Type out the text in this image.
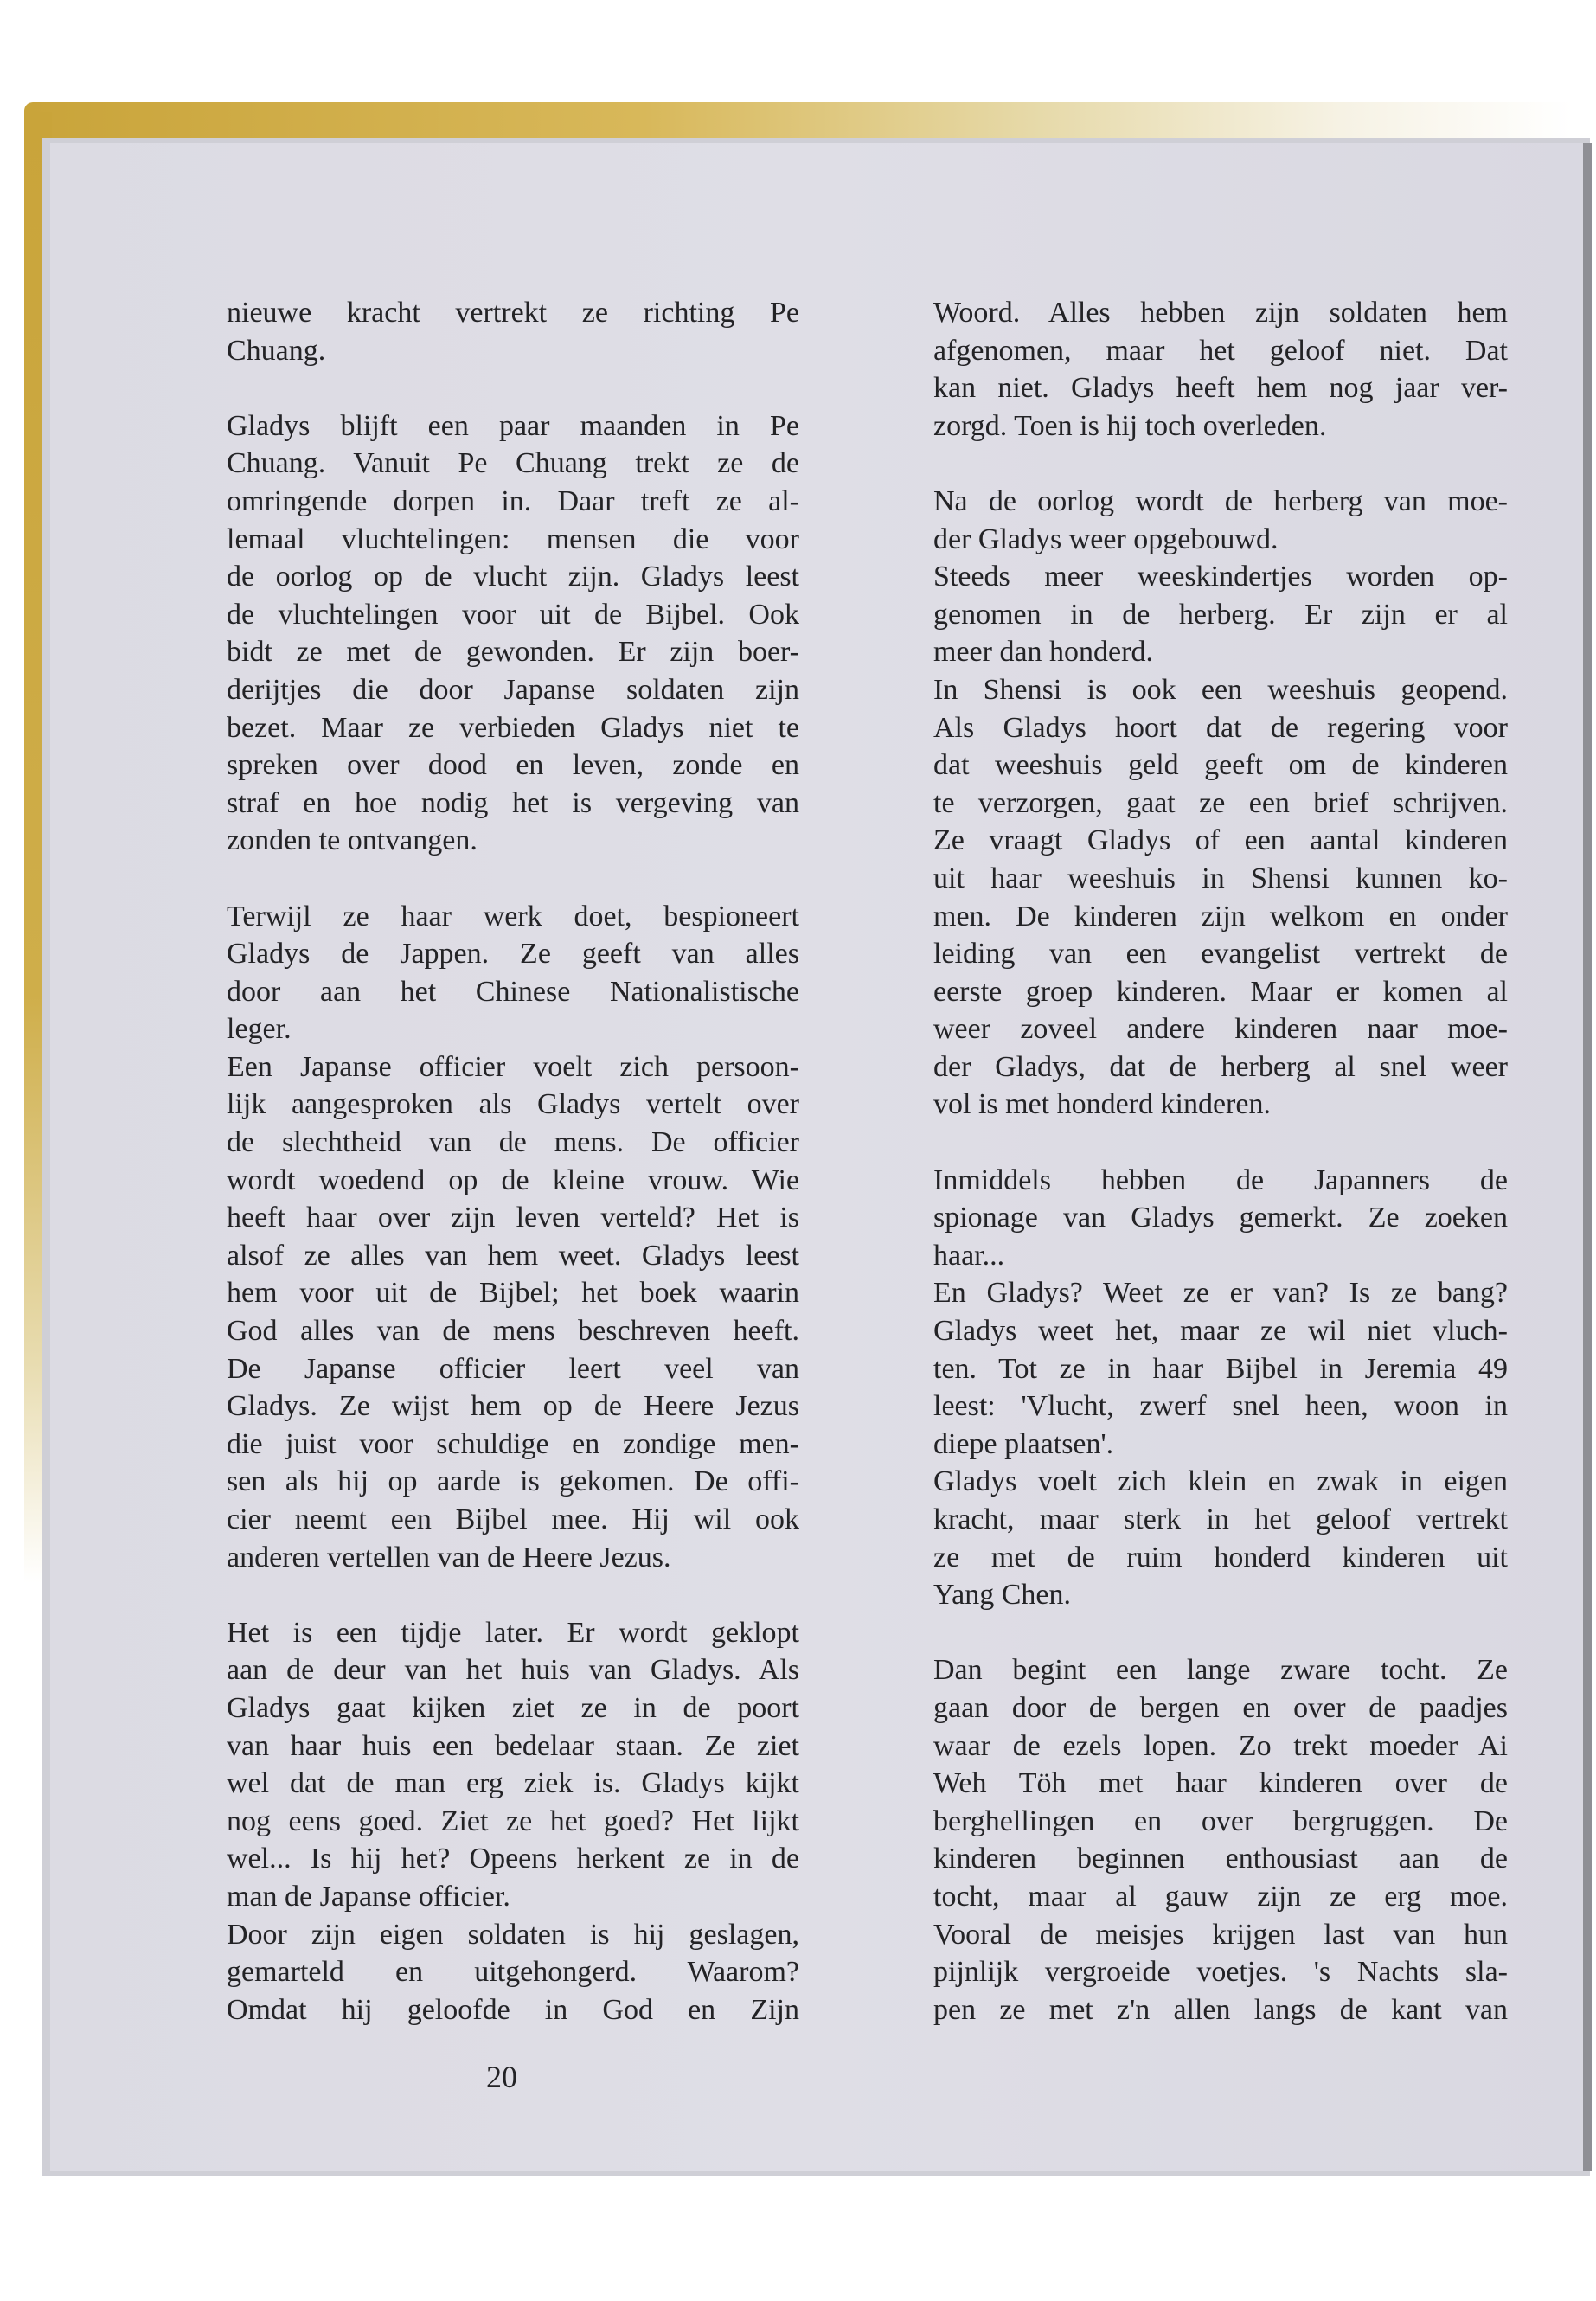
nieuwe kracht vertrekt ze richting Pe
Chuang.
Gladys blijft een paar maanden in Pe
Chuang. Vanuit Pe Chuang trekt ze de
omringende dorpen in. Daar treft ze al-
lemaal vluchtelingen: mensen die voor
de oorlog op de vlucht zijn. Gladys leest
de vluchtelingen voor uit de Bijbel. Ook
bidt ze met de gewonden. Er zijn boer-
derijtjes die door Japanse soldaten zijn
bezet. Maar ze verbieden Gladys niet te
spreken over dood en leven, zonde en
straf en hoe nodig het is vergeving van
zonden te ontvangen.
Terwijl ze haar werk doet, bespioneert
Gladys de Jappen. Ze geeft van alles
door aan het Chinese Nationalistische
leger.
Een Japanse officier voelt zich persoon-
lijk aangesproken als Gladys vertelt over
de slechtheid van de mens. De officier
wordt woedend op de kleine vrouw. Wie
heeft haar over zijn leven verteld? Het is
alsof ze alles van hem weet. Gladys leest
hem voor uit de Bijbel; het boek waarin
God alles van de mens beschreven heeft.
De Japanse officier leert veel van
Gladys. Ze wijst hem op de Heere Jezus
die juist voor schuldige en zondige men-
sen als hij op aarde is gekomen. De offi-
cier neemt een Bijbel mee. Hij wil ook
anderen vertellen van de Heere Jezus.
Het is een tijdje later. Er wordt geklopt
aan de deur van het huis van Gladys. Als
Gladys gaat kijken ziet ze in de poort
van haar huis een bedelaar staan. Ze ziet
wel dat de man erg ziek is. Gladys kijkt
nog eens goed. Ziet ze het goed? Het lijkt
wel... Is hij het? Opeens herkent ze in de
man de Japanse officier.
Door zijn eigen soldaten is hij geslagen,
gemarteld en uitgehongerd. Waarom?
Omdat hij geloofde in God en Zijn
Woord. Alles hebben zijn soldaten hem
afgenomen, maar het geloof niet. Dat
kan niet. Gladys heeft hem nog jaar ver-
zorgd. Toen is hij toch overleden.
Na de oorlog wordt de herberg van moe-
der Gladys weer opgebouwd.
Steeds meer weeskindertjes worden op-
genomen in de herberg. Er zijn er al
meer dan honderd.
In Shensi is ook een weeshuis geopend.
Als Gladys hoort dat de regering voor
dat weeshuis geld geeft om de kinderen
te verzorgen, gaat ze een brief schrijven.
Ze vraagt Gladys of een aantal kinderen
uit haar weeshuis in Shensi kunnen ko-
men. De kinderen zijn welkom en onder
leiding van een evangelist vertrekt de
eerste groep kinderen. Maar er komen al
weer zoveel andere kinderen naar moe-
der Gladys, dat de herberg al snel weer
vol is met honderd kinderen.
Inmiddels hebben de Japanners de
spionage van Gladys gemerkt. Ze zoeken
haar...
En Gladys? Weet ze er van? Is ze bang?
Gladys weet het, maar ze wil niet vluch-
ten. Tot ze in haar Bijbel in Jeremia 49
leest: 'Vlucht, zwerf snel heen, woon in
diepe plaatsen'.
Gladys voelt zich klein en zwak in eigen
kracht, maar sterk in het geloof vertrekt
ze met de ruim honderd kinderen uit
Yang Chen.
Dan begint een lange zware tocht. Ze
gaan door de bergen en over de paadjes
waar de ezels lopen. Zo trekt moeder Ai
Weh Töh met haar kinderen over de
berghellingen en over bergruggen. De
kinderen beginnen enthousiast aan de
tocht, maar al gauw zijn ze erg moe.
Vooral de meisjes krijgen last van hun
pijnlijk vergroeide voetjes. 's Nachts sla-
pen ze met z'n allen langs de kant van
20
